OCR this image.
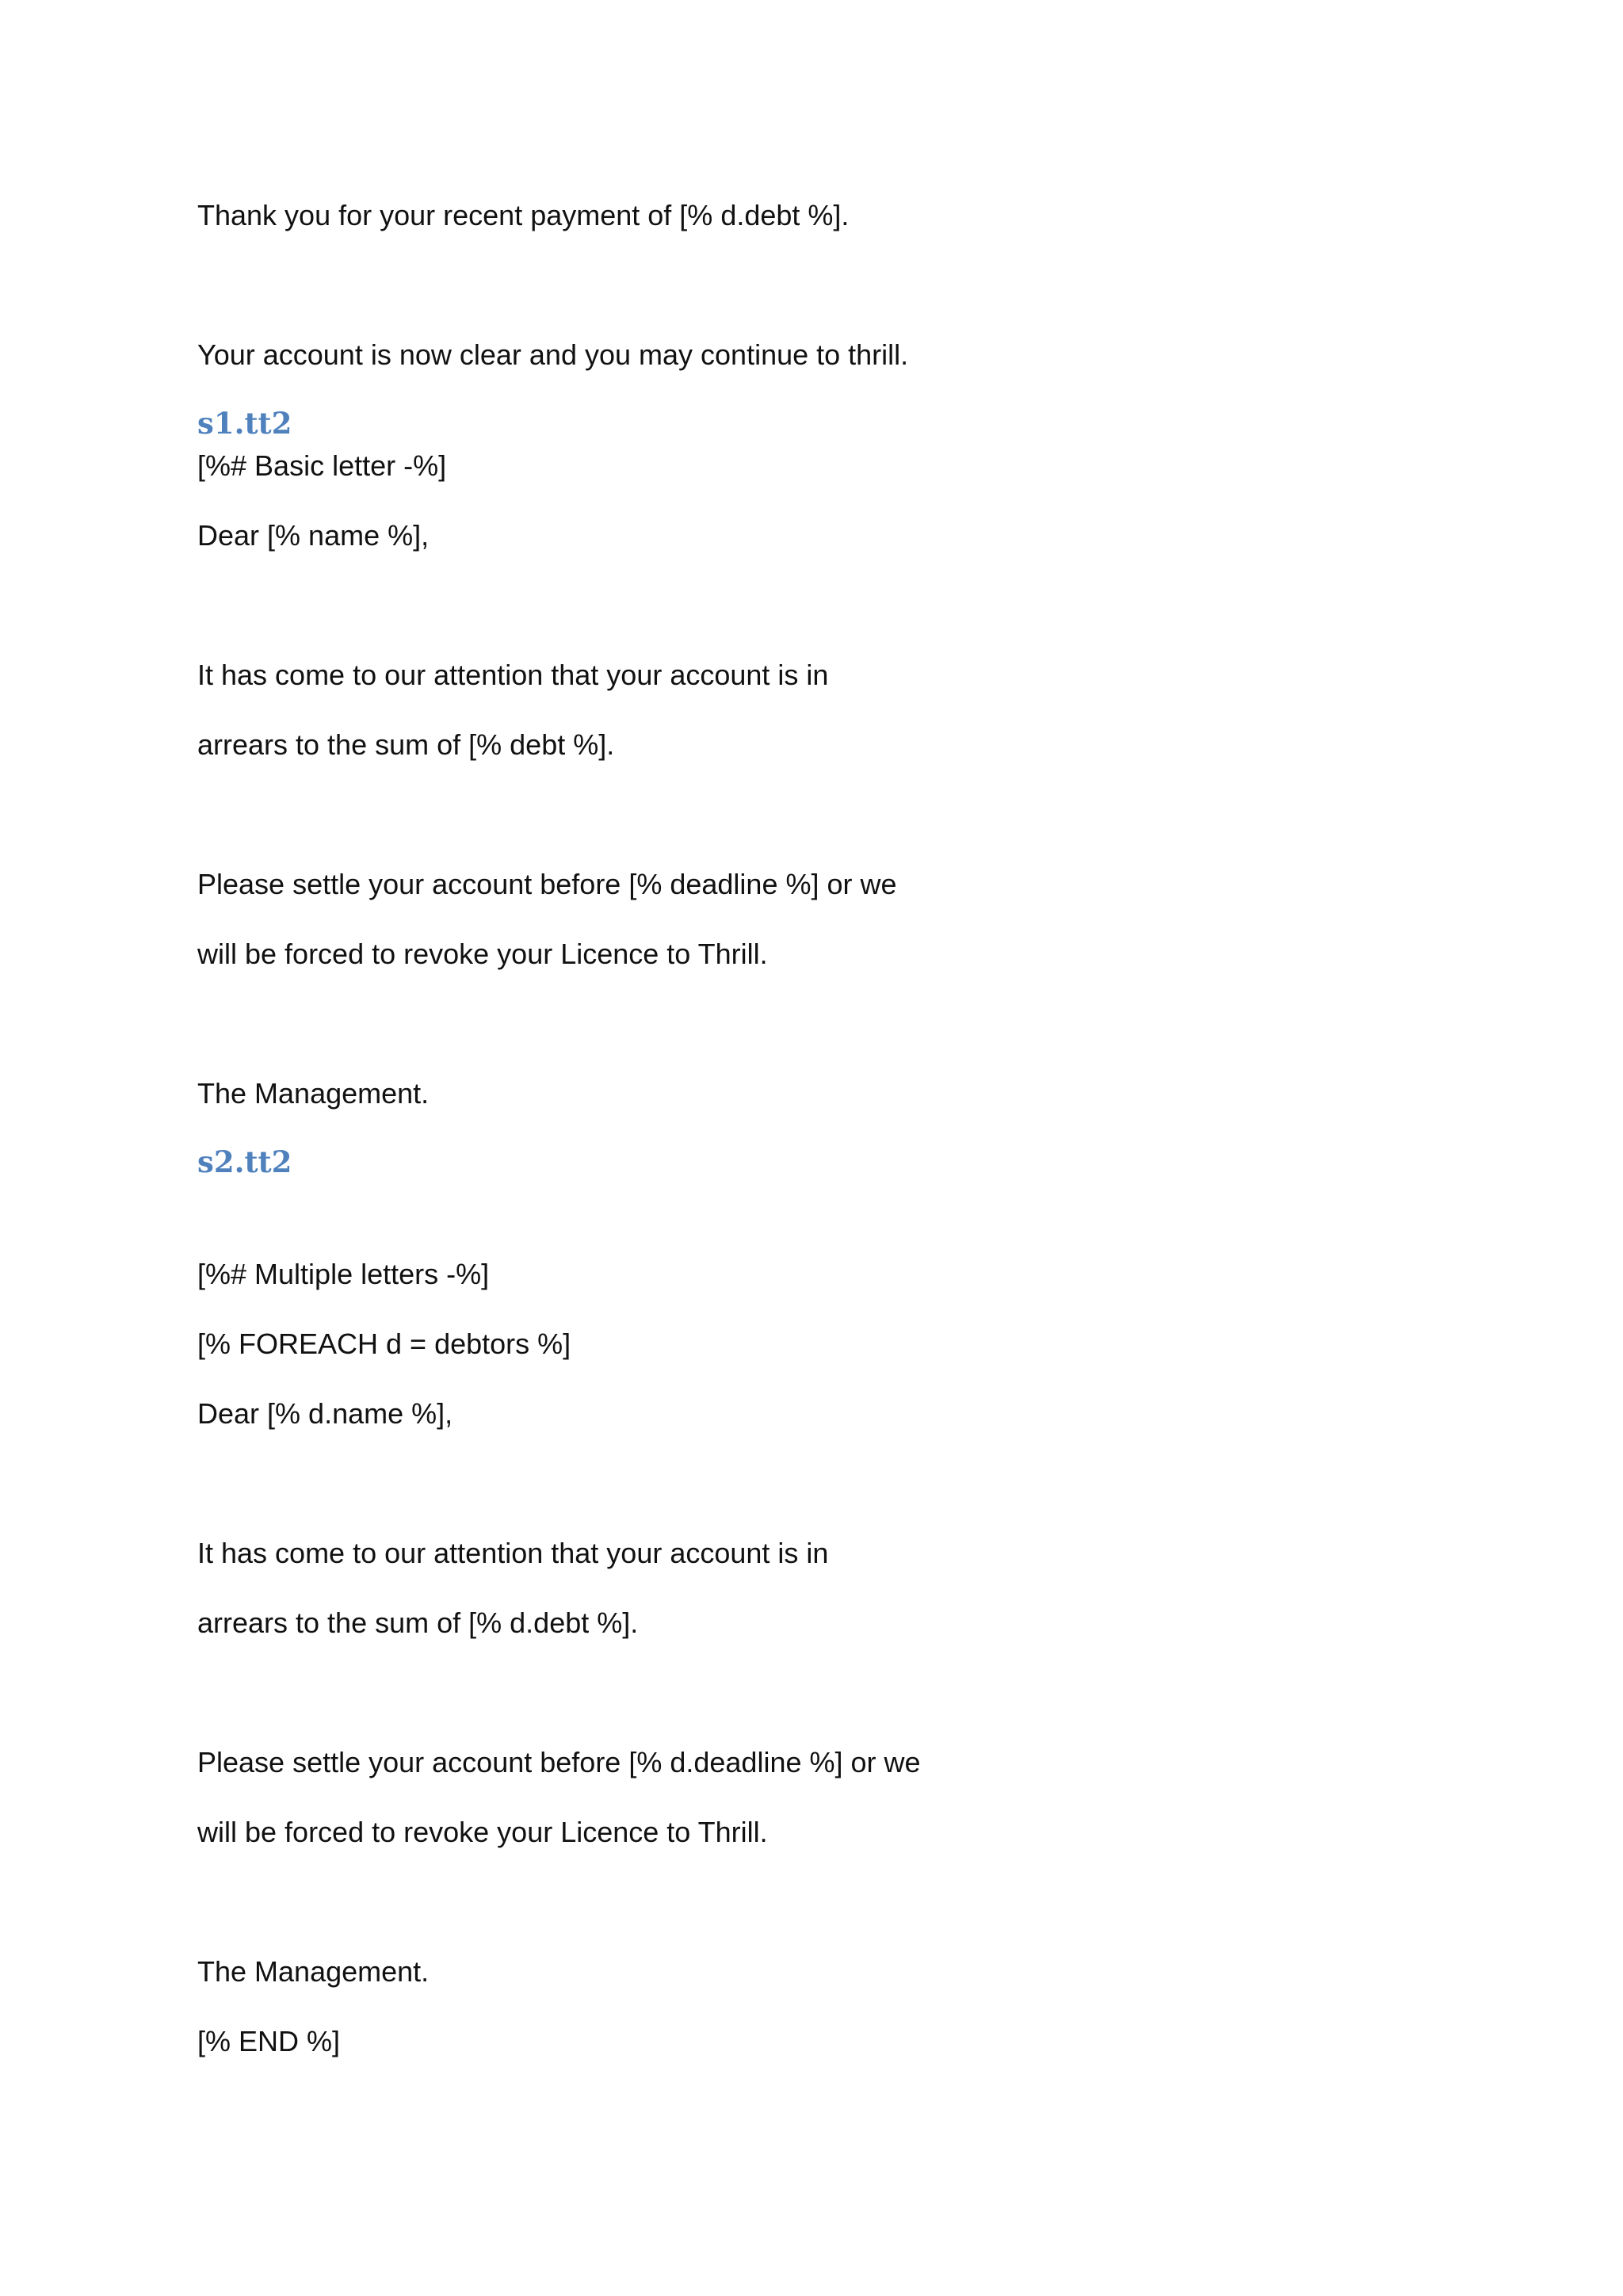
Thank you for your recent payment of [% d.debt %].
Your account is now clear and you may continue to thrill.
s1.tt2
[%# Basic letter -%]
Dear [% name %],
It has come to our attention that your account is in
arrears to the sum of [% debt %].
Please settle your account before [% deadline %] or we
will be forced to revoke your Licence to Thrill.
The Management.
s2.tt2
[%# Multiple letters -%]
[% FOREACH d = debtors %]
Dear [% d.name %],
It has come to our attention that your account is in
arrears to the sum of [% d.debt %].
Please settle your account before [% d.deadline %] or we
will be forced to revoke your Licence to Thrill.
The Management.
[% END %]
